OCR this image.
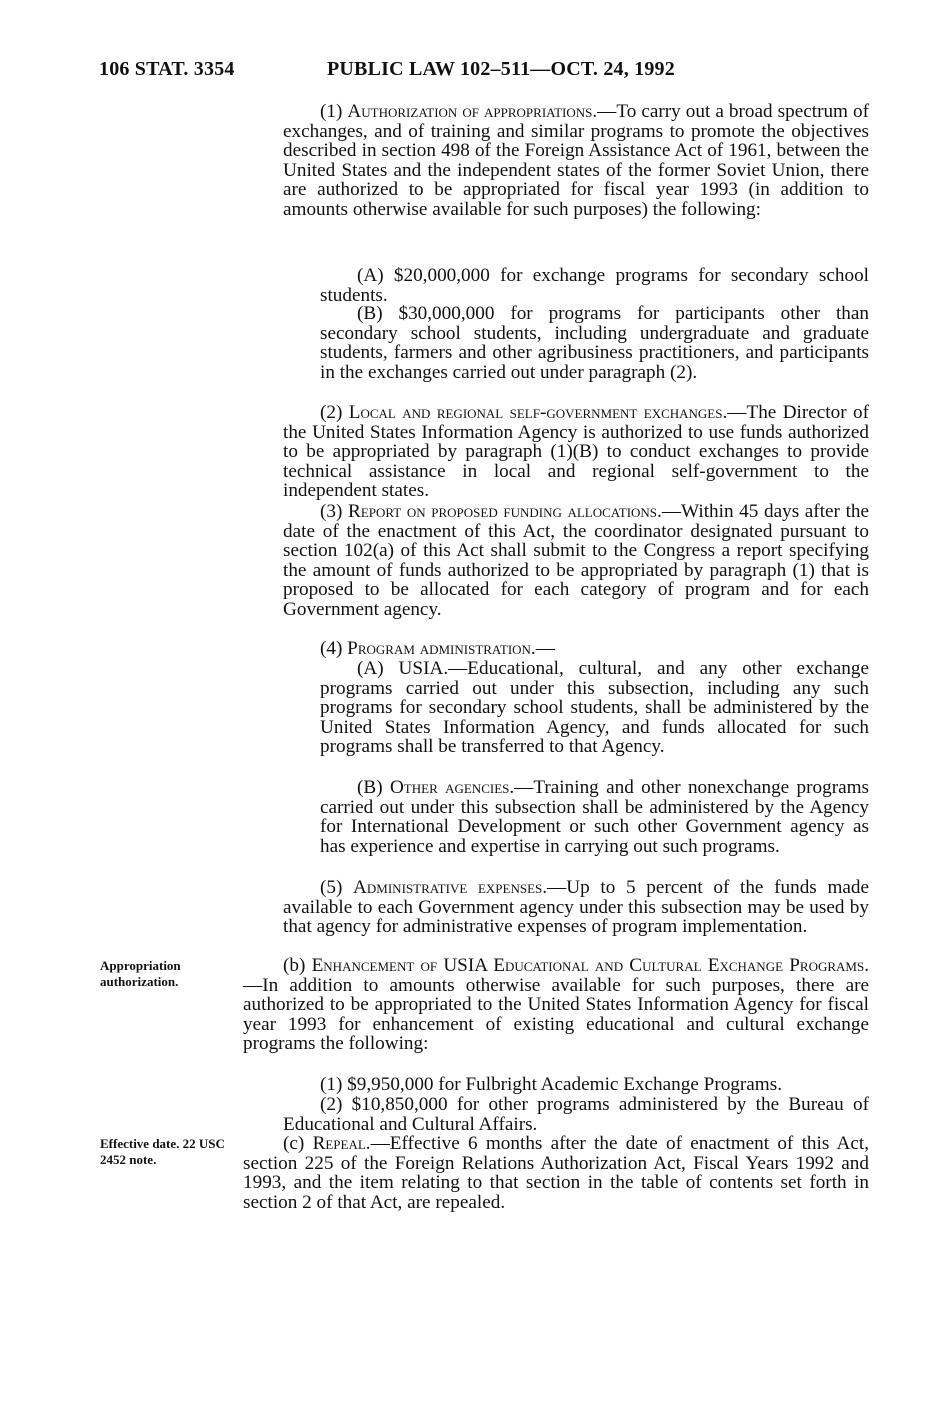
106 STAT. 3354	PUBLIC LAW 102–511—OCT. 24, 1992
Appropriation authorization.
Effective date. 22 USC 2452 note.

(1) Authorization of appropriations.—To carry out a broad spectrum of exchanges, and of training and similar programs to promote the objectives described in section 498 of the Foreign Assistance Act of 1961, between the United States and the independent states of the former Soviet Union, there are authorized to be appropriated for fiscal year 1993 (in addition to amounts otherwise available for such purposes) the following:

(A) $20,000,000 for exchange programs for secondary school students.

(B) $30,000,000 for programs for participants other than secondary school students, including undergraduate and graduate students, farmers and other agribusiness practitioners, and participants in the exchanges carried out under paragraph (2).

(2) Local and regional self-government exchanges.—The Director of the United States Information Agency is authorized to use funds authorized to be appropriated by paragraph (1)(B) to conduct exchanges to provide technical assistance in local and regional self-government to the independent states.

(3) Report on proposed funding allocations.—Within 45 days after the date of the enactment of this Act, the coordinator designated pursuant to section 102(a) of this Act shall submit to the Congress a report specifying the amount of funds authorized to be appropriated by paragraph (1) that is proposed to be allocated for each category of program and for each Government agency.

(4) Program administration.—

(A) USIA.—Educational, cultural, and any other exchange programs carried out under this subsection, including any such programs for secondary school students, shall be administered by the United States Information Agency, and funds allocated for such programs shall be transferred to that Agency.

(B) Other agencies.—Training and other nonexchange programs carried out under this subsection shall be administered by the Agency for International Development or such other Government agency as has experience and expertise in carrying out such programs.

(5) Administrative expenses.—Up to 5 percent of the funds made available to each Government agency under this subsection may be used by that agency for administrative expenses of program implementation.

(b) Enhancement of USIA Educational and Cultural Exchange Programs.—In addition to amounts otherwise available for such purposes, there are authorized to be appropriated to the United States Information Agency for fiscal year 1993 for enhancement of existing educational and cultural exchange programs the following:

(1) $9,950,000 for Fulbright Academic Exchange Programs.

(2) $10,850,000 for other programs administered by the Bureau of Educational and Cultural Affairs.

(c) Repeal.—Effective 6 months after the date of enactment of this Act, section 225 of the Foreign Relations Authorization Act, Fiscal Years 1992 and 1993, and the item relating to that section in the table of contents set forth in section 2 of that Act, are repealed.
